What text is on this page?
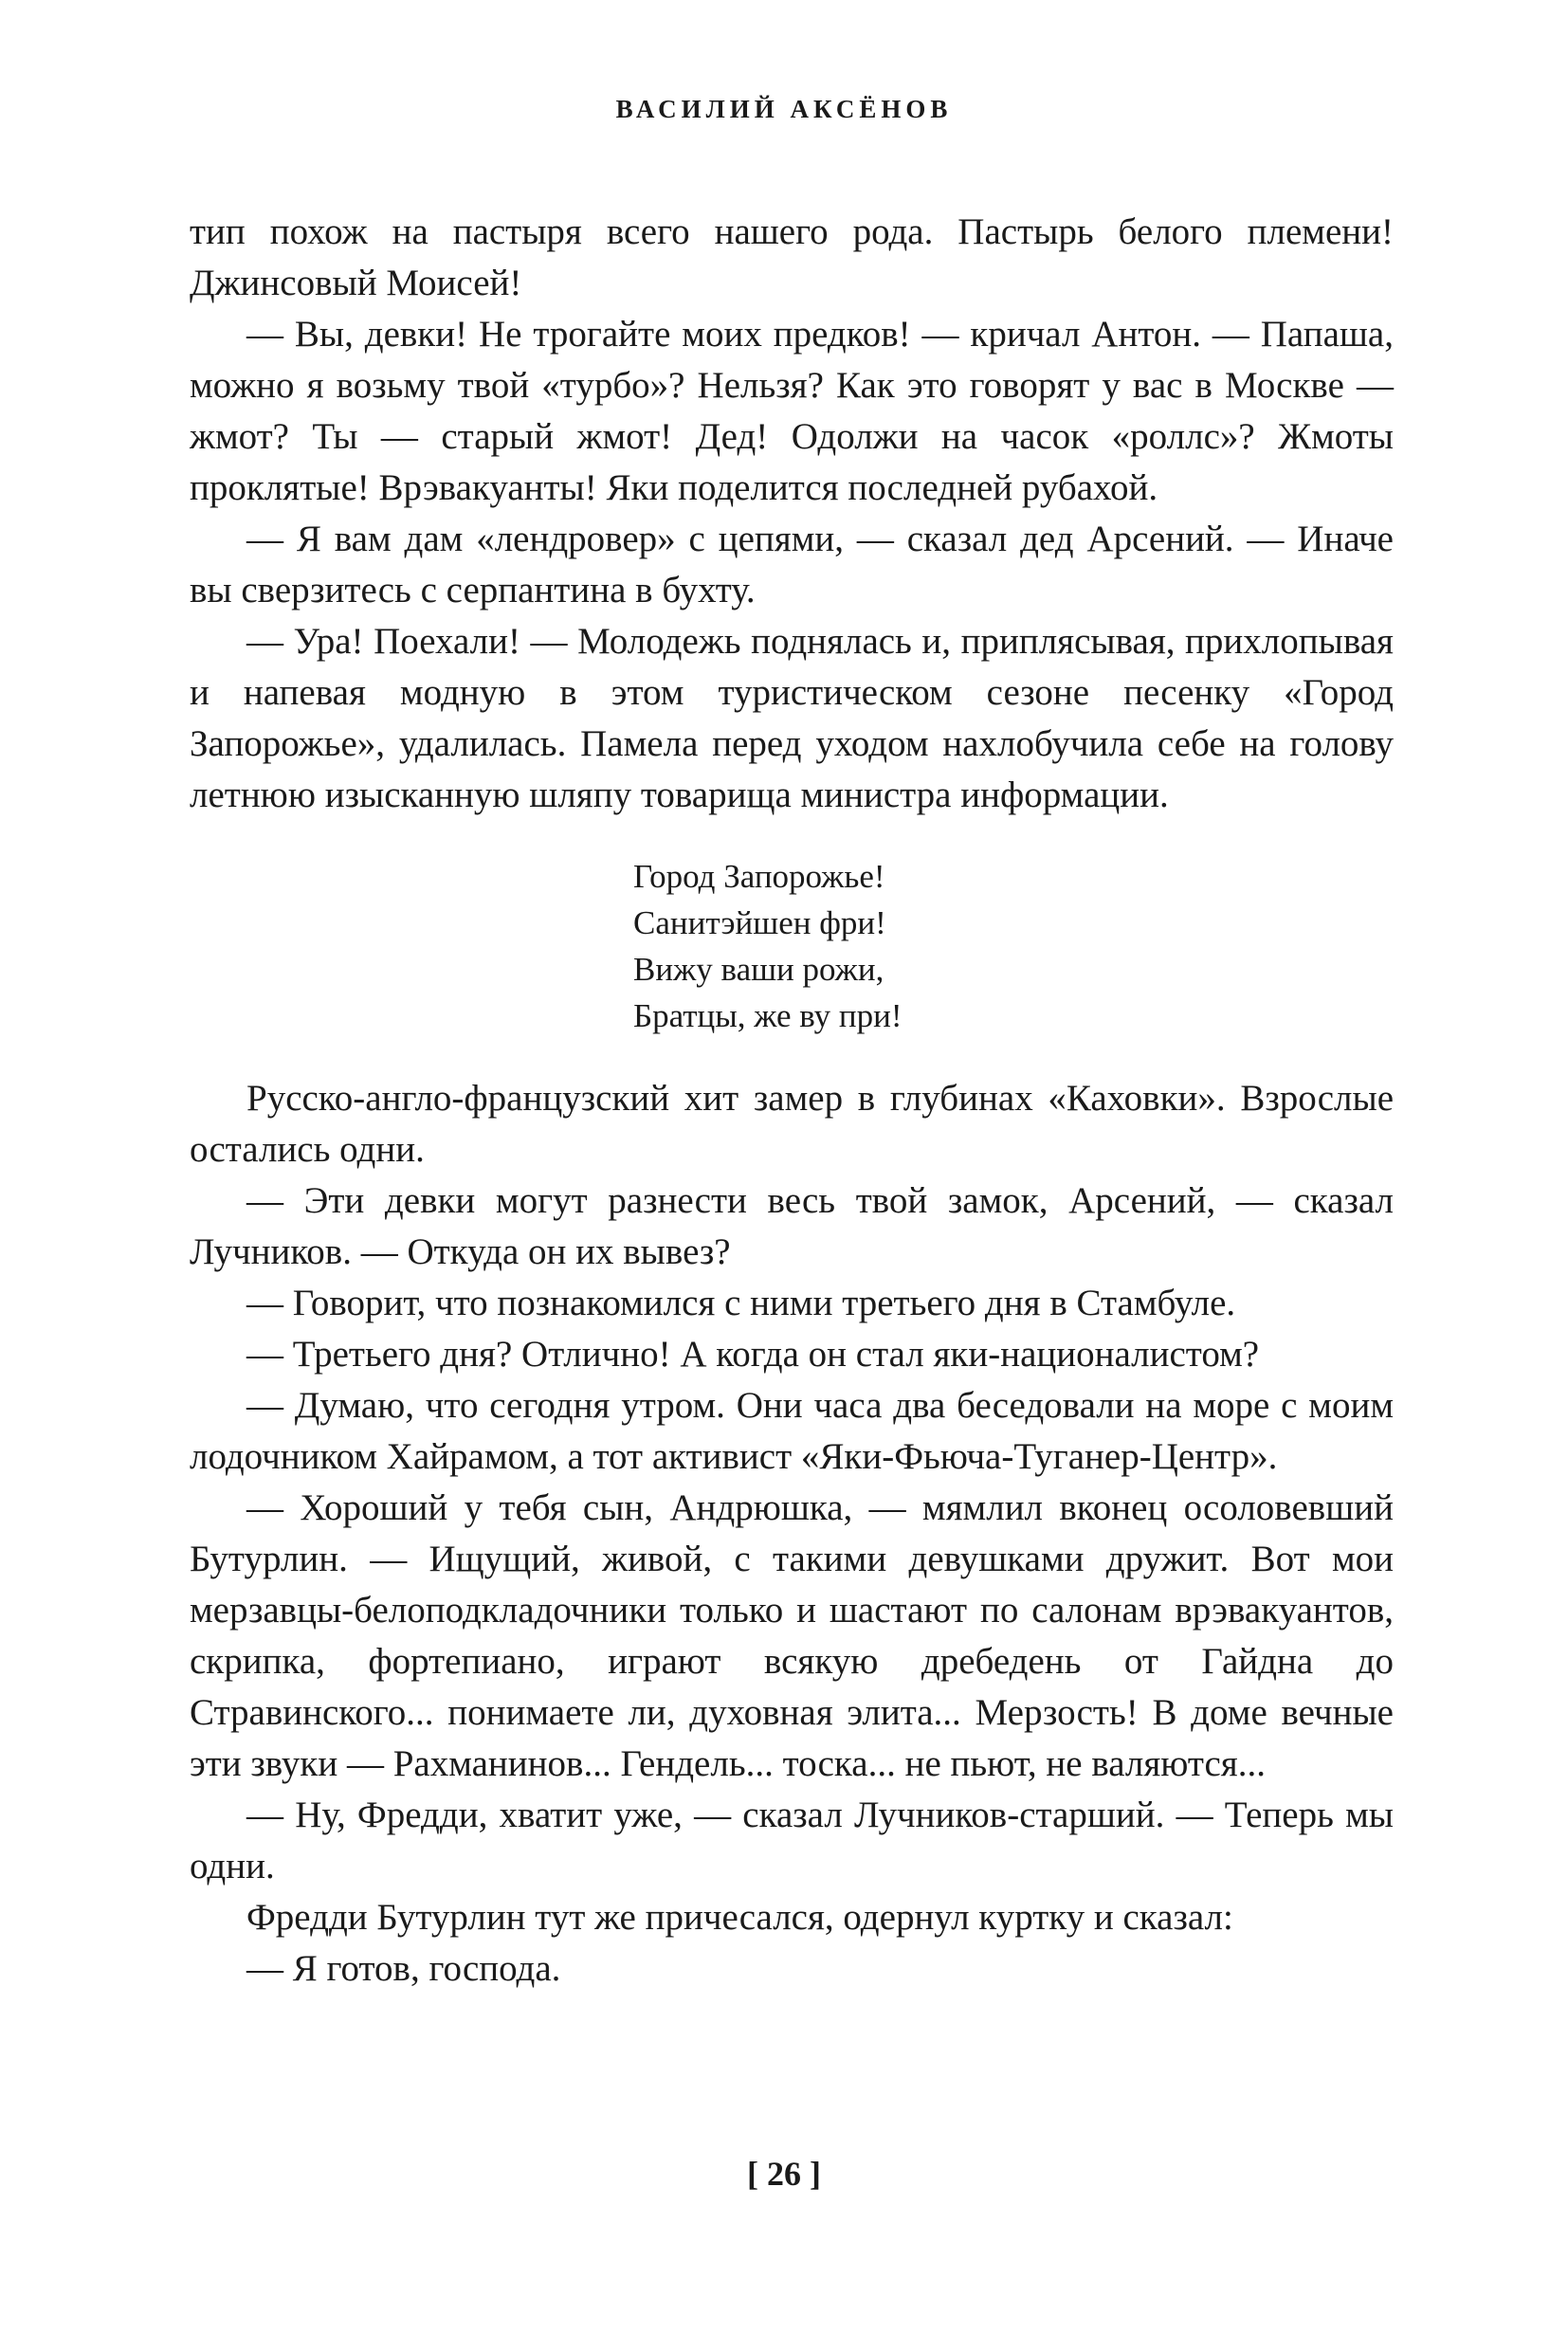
ВАСИЛИЙ АКСЁНОВ

тип похож на пастыря всего нашего рода. Пастырь белого племени! Джинсовый Моисей!

— Вы, девки! Не трогайте моих предков! — кричал Антон. — Папаша, можно я возьму твой «турбо»? Нельзя? Как это говорят у вас в Москве — жмот? Ты — старый жмот! Дед! Одолжи на часок «роллс»? Жмоты проклятые! Врэвакуанты! Яки поделится последней рубахой.

— Я вам дам «лендровер» с цепями, — сказал дед Арсений. — Иначе вы сверзитесь с серпантина в бухту.

— Ура! Поехали! — Молодежь поднялась и, приплясывая, прихлопывая и напевая модную в этом туристическом сезоне песенку «Город Запорожье», удалилась. Памела перед уходом нахлобучила себе на голову летнюю изысканную шляпу товарища министра информации.

Город Запорожье!
Санитэйшен фри!
Вижу ваши рожи,
Братцы, же ву при!

Русско-англо-французский хит замер в глубинах «Каховки». Взрослые остались одни.

— Эти девки могут разнести весь твой замок, Арсений, — сказал Лучников. — Откуда он их вывез?

— Говорит, что познакомился с ними третьего дня в Стамбуле.

— Третьего дня? Отлично! А когда он стал яки-националистом?

— Думаю, что сегодня утром. Они часа два беседовали на море с моим лодочником Хайрамом, а тот активист «Яки-Фьюча-Туганер-Центр».

— Хороший у тебя сын, Андрюшка, — мямлил вконец осоловевший Бутурлин. — Ищущий, живой, с такими девушками дружит. Вот мои мерзавцы-белоподкладочники только и шастают по салонам врэвакуантов, скрипка, фортепиано, играют всякую дребедень от Гайдна до Стравинского... понимаете ли, духовная элита... Мерзость! В доме вечные эти звуки — Рахманинов... Гендель... тоска... не пьют, не валяются...

— Ну, Фредди, хватит уже, — сказал Лучников-старший. — Теперь мы одни.

Фредди Бутурлин тут же причесался, одернул куртку и сказал:

— Я готов, господа.

[ 26 ]
